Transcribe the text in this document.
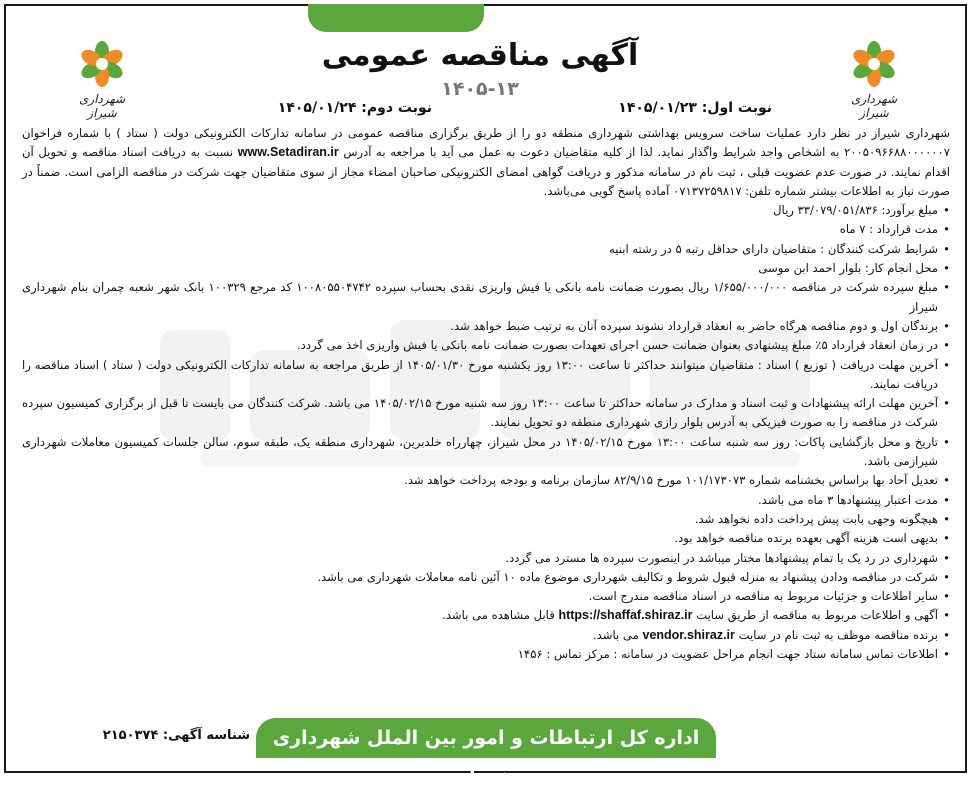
شهرداری شیراز
شهرداری شیراز
آگهی مناقصه عمومی
۱۴۰۵-۱۳
نوبت اول: ۱۴۰۵/۰۱/۲۳
نوبت دوم: ۱۴۰۵/۰۱/۲۴

شهرداری شیراز در نظر دارد عملیات ساخت سرویس بهداشتی شهرداری منطقه دو را از طریق برگزاری مناقصه عمومی در سامانه تدارکات الکترونیکی دولت ( ستاد ) با شماره فراخوان ۲۰۰۵۰۹۶۶۸۸۰۰۰۰۰۰۷ به اشخاص واجد شرایط واگذار نماید. لذا از کلیه متقاضیان دعوت به عمل می آید با مراجعه به آدرس www.Setadiran.ir نسبت به دریافت اسناد مناقصه و تحویل آن اقدام نمایند. در صورت عدم عضویت قبلی ، ثبت نام در سامانه مذکور و دریافت گواهی امضای الکترونیکی صاحبان امضاء مجاز از سوی متقاضیان جهت شرکت در مناقصه الزامی است. ضمناً در صورت نیاز به اطلاعات بیشتر شماره تلفن: ۰۷۱۳۷۲۵۹۸۱۷ آماده پاسخ گویی می‌باشد.

•
مبلغ برآورد: ۳۳/۰۷۹/۰۵۱/۸۳۶ ریال
•
مدت قرارداد : ۷ ماه
•
شرایط شرکت کنندگان : متقاضیان دارای حداقل رتبه ۵ در رشته ابنیه
•
محل انجام کار: بلوار احمد ابن موسی
•
مبلغ سپرده شرکت در مناقصه ۱/۶۵۵/۰۰۰/۰۰۰ ریال بصورت ضمانت نامه بانکی یا فیش واریزی نقدی بحساب سپرده ۱۰۰۸۰۵۵۰۴۷۴۲ کد مرجع ۱۰۰۳۲۹ بانک شهر شعبه چمران بنام شهرداری شیراز
•
برندگان اول و دوم مناقصه هرگاه حاضر به انعقاد قرارداد نشوند سپرده آنان به ترتیب ضبط خواهد شد.
•
در زمان انعقاد قرارداد ۵٪ مبلغ پیشنهادی بعنوان ضمانت حسن اجرای تعهدات بصورت ضمانت نامه بانکی یا فیش واریزی اخذ می گردد.
•
آخرین مهلت دریافت ( توزیع ) اسناد : متقاضیان میتوانند حداکثر تا ساعت ۱۳:۰۰ روز یکشنبه مورخ ۱۴۰۵/۰۱/۳۰ از طریق مراجعه به سامانه تدارکات الکترونیکی دولت ( ستاد ) اسناد مناقصه را دریافت نمایند.
•
آخرین مهلت ارائه پیشنهادات و ثبت اسناد و مدارک در سامانه حداکثر تا ساعت ۱۳:۰۰ روز سه شنبه مورخ ۱۴۰۵/۰۲/۱۵ می باشد. شرکت کنندگان می بایست تا قبل از برگزاری کمیسیون سپرده شرکت در مناقصه را به صورت فیزیکی به آدرس بلوار رازی شهرداری منطقه دو تحویل نمایند.
•
تاریخ و محل بازگشایی پاکات: روز سه شنبه ساعت ۱۳:۰۰ مورخ ۱۴۰۵/۰۲/۱۵ در محل شیراز، چهارراه خلدبرین، شهرداری منطقه یک، طبقه سوم، سالن جلسات کمیسیون معاملات شهرداری شیرازمی باشد.
•
تعدیل آحاد بها براساس بخشنامه شماره ۱۰۱/۱۷۳۰۷۳ مورخ ۸۲/۹/۱۵ سازمان برنامه و بودجه پرداخت خواهد شد.
•
مدت اعتبار پیشنهادها ۳ ماه می باشد.
•
هیچگونه وجهی بابت پیش پرداخت داده نخواهد شد.
•
بدیهی است هزینه آگهی بعهده برنده مناقصه خواهد بود.
•
شهرداری در رد یک یا تمام پیشنهادها مختار میباشد در اینصورت سپرده ها مسترد می گردد.
•
شرکت در مناقصه ودادن پیشنهاد به منزله قبول شروط و تکالیف شهرداری موضوع ماده ۱۰ آئین نامه معاملات شهرداری می باشد.
•
سایر اطلاعات و جزئیات مربوط به مناقصه در اسناد مناقصه مندرج است.
•
آگهی و اطلاعات مربوط به مناقصه از طریق سایت https://shaffaf.shiraz.ir قابل مشاهده می باشد.
•
برنده مناقصه موظف به ثبت نام در سایت vendor.shiraz.ir می باشد.
•
اطلاعات تماس سامانه ستاد جهت انجام مراحل عضویت در سامانه : مرکز تماس : ۱۴۵۶
شناسه آگهی: ۲۱۵۰۳۷۴	اداره کل ارتباطات و امور بین الملل شهرداری شیراز
